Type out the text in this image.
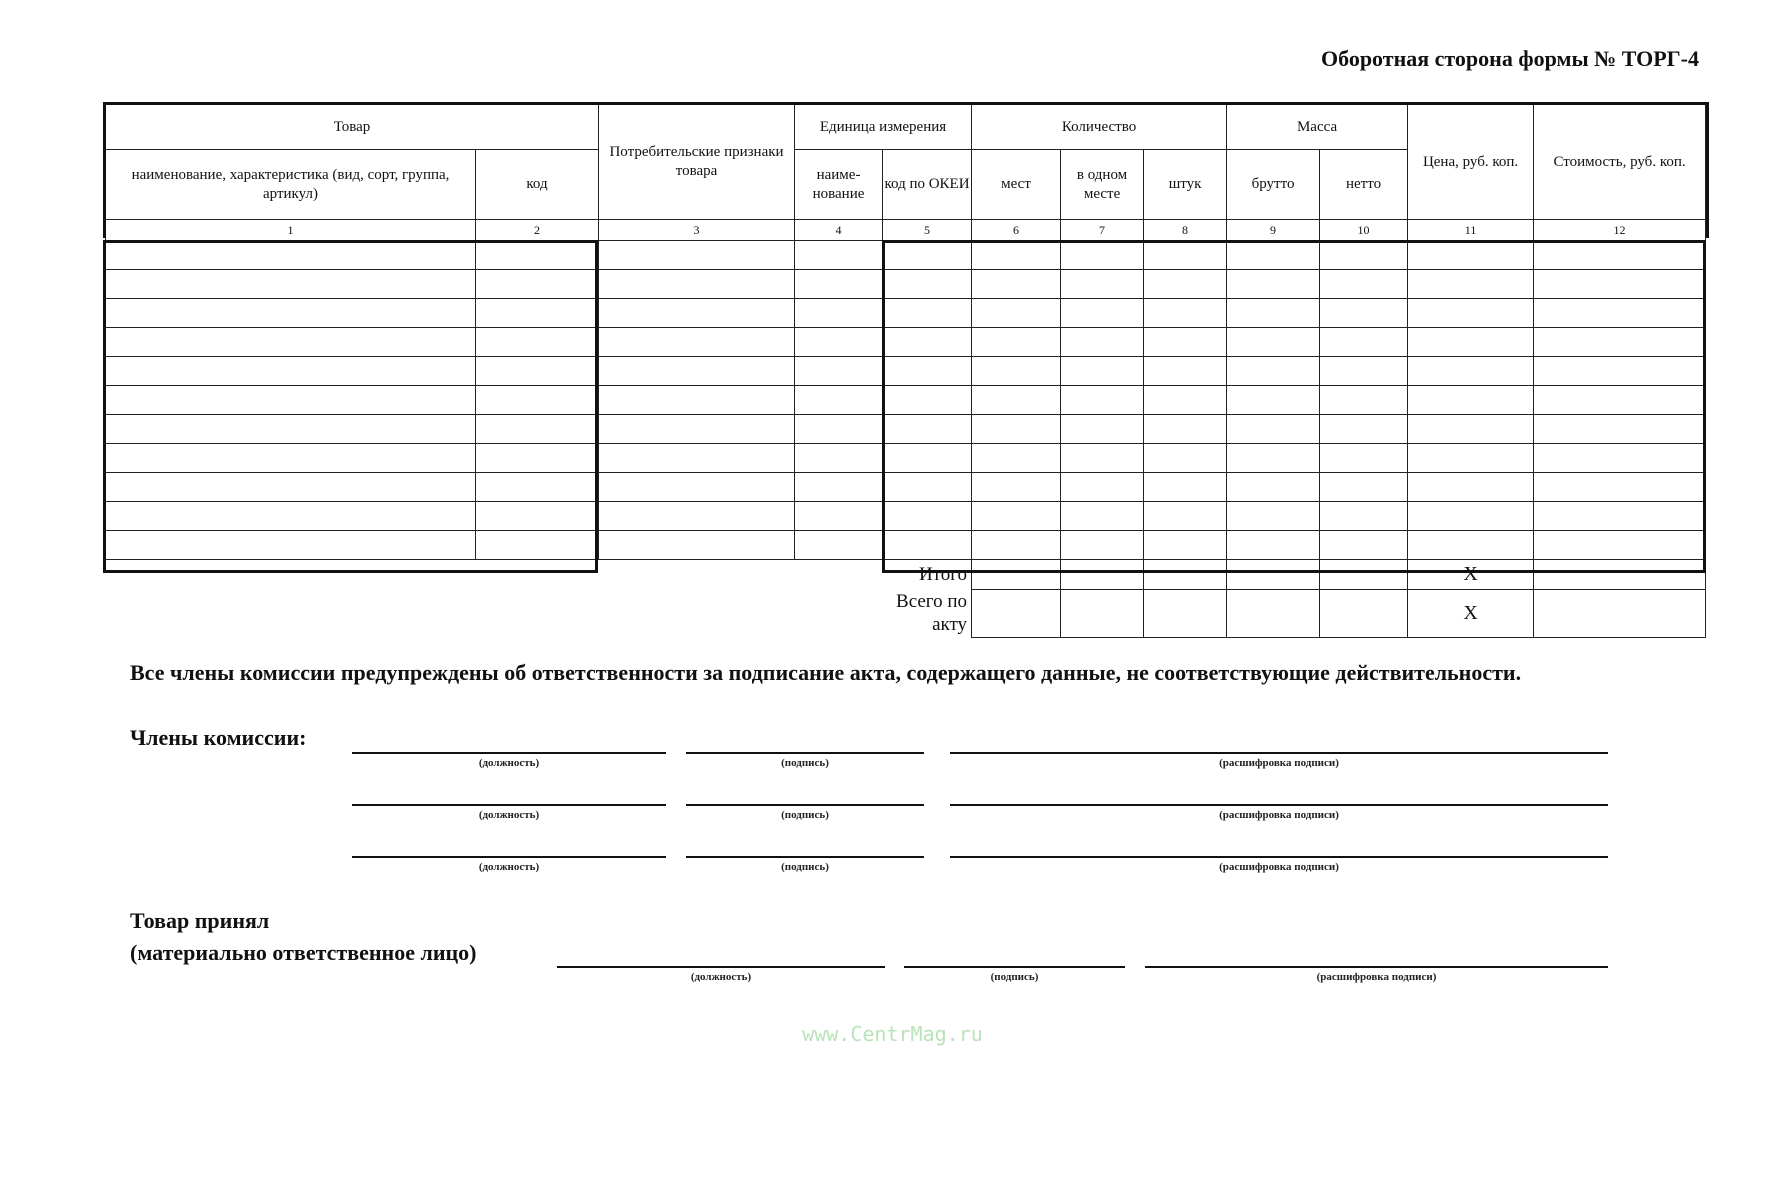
Оборотная сторона формы № ТОРГ-4
Товар		Потребительские признаки товара	Единица измерения		Количество			Масса		Цена, руб. коп.	Стоимость, руб. коп.
наименование, характеристика (вид, сорт, группа, артикул)	код		наиме- нование	код по ОКЕИ	мест	в одном месте	штук	брутто	нетто		
1	2	3	4	5	6	7	8	9	10	11	12

				Итого						X	
				Всего по акту						X	
Все члены комиссии предупреждены об ответственности за подписание акта, содержащего данные, не соответствующие действительности.
Члены комиссии:
(должность)	(подпись)	(расшифровка подписи)
(должность)	(подпись)	(расшифровка подписи)
(должность)	(подпись)	(расшифровка подписи)
Товар принял
(материально ответственное лицо)
(должность)	(подпись)	(расшифровка подписи)
www.CentrMag.ru
